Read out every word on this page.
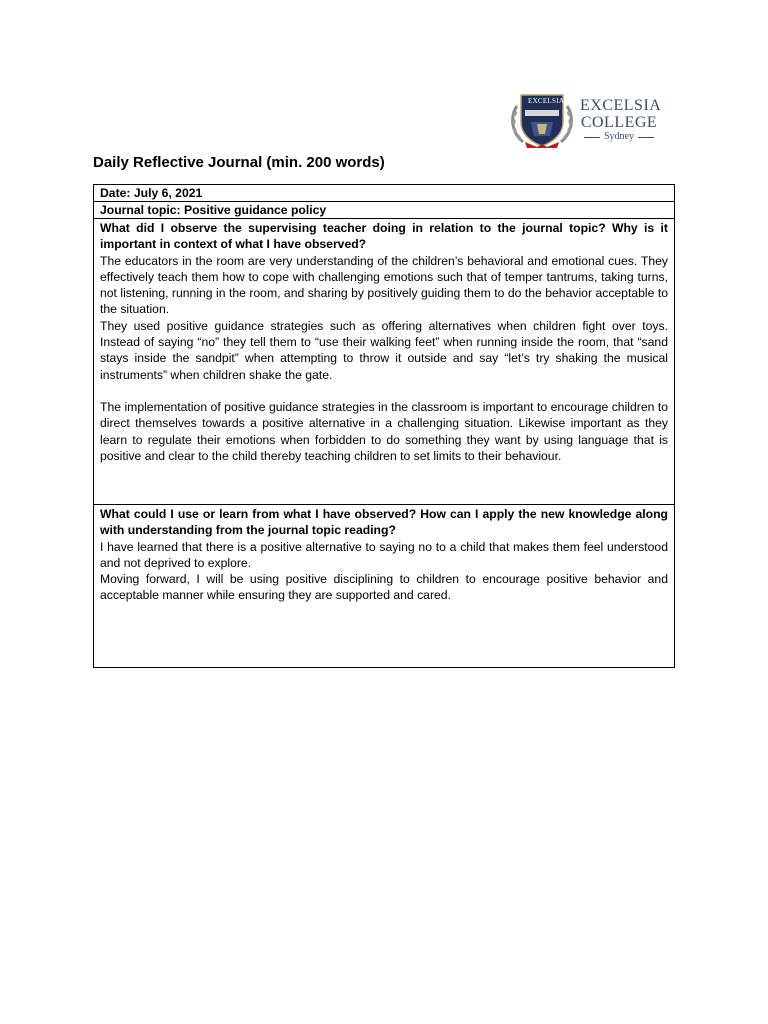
EXCELSIA EXCELSIA
COLLEGE
Sydney
Daily Reflective Journal (min. 200 words)
Date: July 6, 2021
Journal topic: Positive guidance policy
What did I observe the supervising teacher doing in relation to the journal topic? Why is it important in context of what I have observed?

The educators in the room are very understanding of the children’s behavioral and emotional cues. They effectively teach them how to cope with challenging emotions such that of temper tantrums, taking turns, not listening, running in the room, and sharing by positively guiding them to do the behavior acceptable to the situation.

They used positive guidance strategies such as offering alternatives when children fight over toys. Instead of saying “no” they tell them to “use their walking feet” when running inside the room, that “sand stays inside the sandpit” when attempting to throw it outside and say “let’s try shaking the musical instruments” when children shake the gate.

The implementation of positive guidance strategies in the classroom is important to encourage children to direct themselves towards a positive alternative in a challenging situation. Likewise important as they learn to regulate their emotions when forbidden to do something they want by using language that is positive and clear to the child thereby teaching children to set limits to their behaviour.

What could I use or learn from what I have observed? How can I apply the new knowledge along with understanding from the journal topic reading?

I have learned that there is a positive alternative to saying no to a child that makes them feel understood and not deprived to explore.

Moving forward, I will be using positive disciplining to children to encourage positive behavior and acceptable manner while ensuring they are supported and cared.
